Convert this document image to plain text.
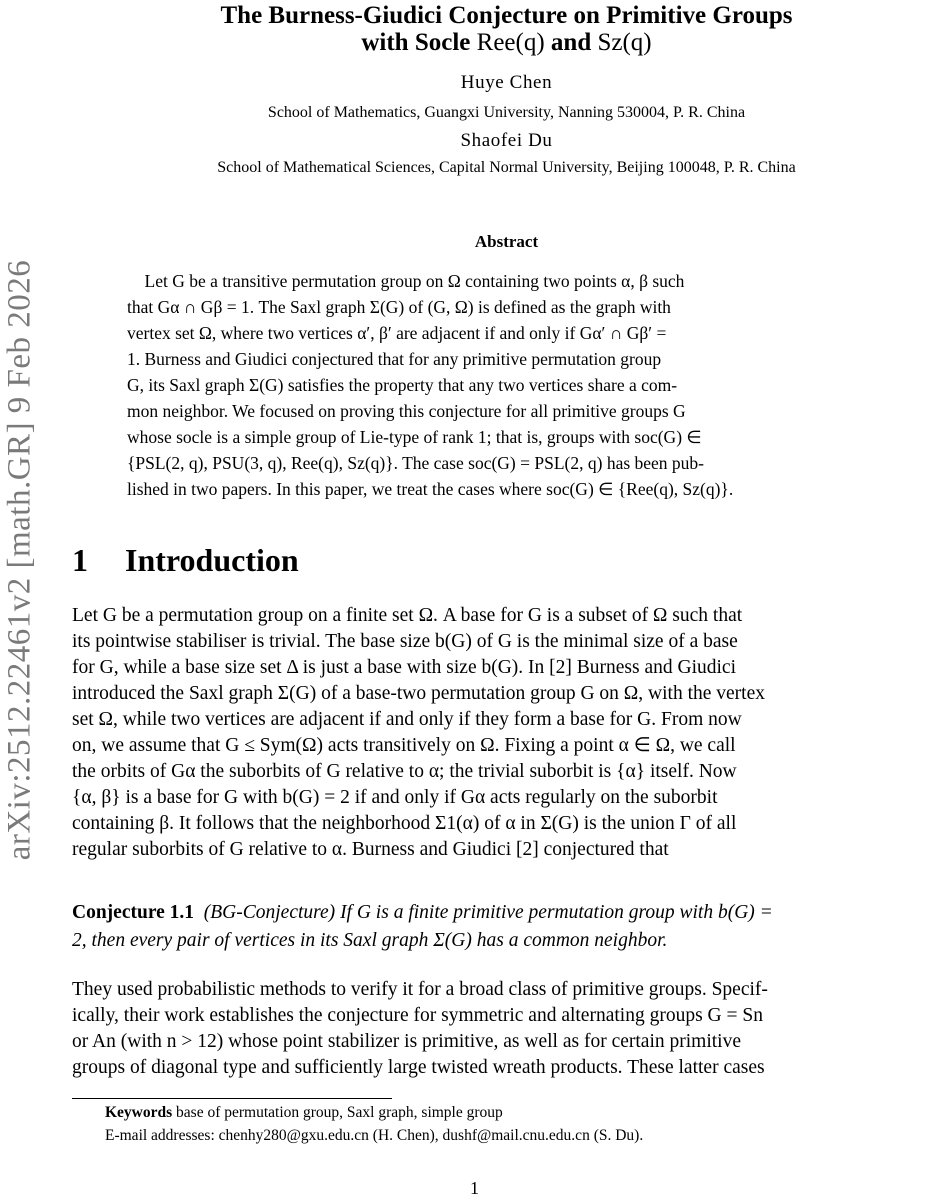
arXiv:2512.22461v2 [math.GR] 9 Feb 2026
The Burness-Giudici Conjecture on Primitive Groups
with Socle Ree(q) and Sz(q)
Huye Chen
School of Mathematics, Guangxi University, Nanning 530004, P. R. China
Shaofei Du
School of Mathematical Sciences, Capital Normal University, Beijing 100048, P. R. China
Abstract
Let G be a transitive permutation group on Ω containing two points α, β such
that Gα ∩ Gβ = 1. The Saxl graph Σ(G) of (G, Ω) is defined as the graph with
vertex set Ω, where two vertices α′, β′ are adjacent if and only if Gα′ ∩ Gβ′ =
1. Burness and Giudici conjectured that for any primitive permutation group
G, its Saxl graph Σ(G) satisfies the property that any two vertices share a com-
mon neighbor. We focused on proving this conjecture for all primitive groups G
whose socle is a simple group of Lie-type of rank 1; that is, groups with soc(G) ∈
{PSL(2, q), PSU(3, q), Ree(q), Sz(q)}. The case soc(G) = PSL(2, q) has been pub-
lished in two papers. In this paper, we treat the cases where soc(G) ∈ {Ree(q), Sz(q)}.
1 Introduction
Let G be a permutation group on a finite set Ω. A base for G is a subset of Ω such that
its pointwise stabiliser is trivial. The base size b(G) of G is the minimal size of a base
for G, while a base size set Δ is just a base with size b(G). In [2] Burness and Giudici
introduced the Saxl graph Σ(G) of a base-two permutation group G on Ω, with the vertex
set Ω, while two vertices are adjacent if and only if they form a base for G. From now
on, we assume that G ≤ Sym(Ω) acts transitively on Ω. Fixing a point α ∈ Ω, we call
the orbits of Gα the suborbits of G relative to α; the trivial suborbit is {α} itself. Now
{α, β} is a base for G with b(G) = 2 if and only if Gα acts regularly on the suborbit
containing β. It follows that the neighborhood Σ1(α) of α in Σ(G) is the union Γ of all
regular suborbits of G relative to α. Burness and Giudici [2] conjectured that
Conjecture 1.1 (BG-Conjecture) If G is a finite primitive permutation group with b(G) =
2, then every pair of vertices in its Saxl graph Σ(G) has a common neighbor.
They used probabilistic methods to verify it for a broad class of primitive groups. Specif-
ically, their work establishes the conjecture for symmetric and alternating groups G = Sn
or An (with n > 12) whose point stabilizer is primitive, as well as for certain primitive
groups of diagonal type and sufficiently large twisted wreath products. These latter cases
Keywords base of permutation group, Saxl graph, simple group
E-mail addresses: chenhy280@gxu.edu.cn (H. Chen), dushf@mail.cnu.edu.cn (S. Du).
1
